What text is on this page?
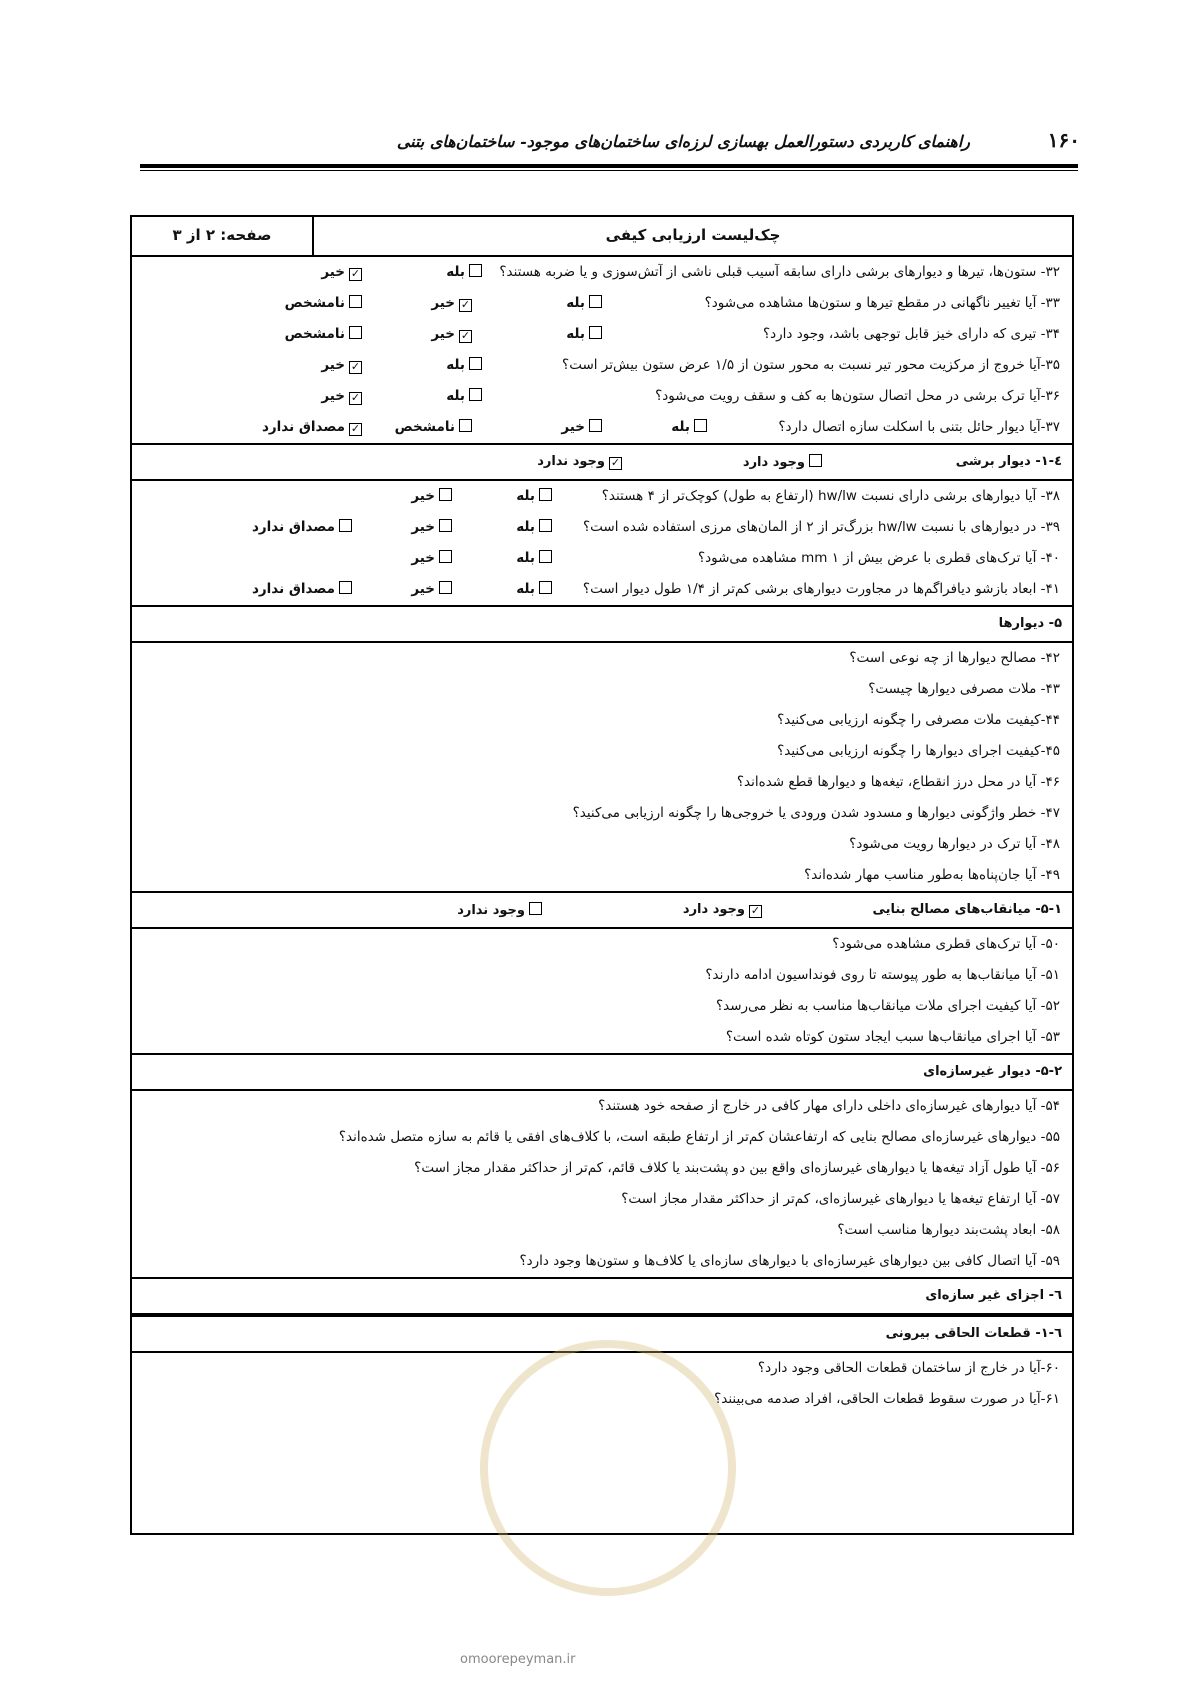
۱۶۰
راهنمای کاربردی دستورالعمل بهسازی لرزه‌ای ساختمان‌های موجود- ساختمان‌های بتنی
چک‌لیست ارزیابی کیفی
صفحه: ۲ از ۳
۳۲- ستون‌ها، تیرها و دیوارهای برشی دارای سابقه آسیب قبلی ناشی از آتش‌سوزی و یا ضربه هستند؟
بله
✓خیر
۳۳- آیا تغییر ناگهانی در مقطع تیرها و ستون‌ها مشاهده می‌شود؟
بله
✓خیر
نامشخص
۳۴- تیری که دارای خیز قابل توجهی باشد، وجود دارد؟
بله
✓خیر
نامشخص
۳۵-آیا خروج از مرکزیت محور تیر نسبت به محور ستون از ۱/۵ عرض ستون بیش‌تر است؟
بله
✓خیر
۳۶-آیا ترک برشی در محل اتصال ستون‌ها به کف و سقف رویت می‌شود؟
بله
✓خیر
۳۷-آیا دیوار حائل بتنی با اسکلت سازه اتصال دارد؟
بله
خیر
نامشخص
✓مصداق ندارد
٤-۱- دیوار برشی
وجود دارد
✓وجود ندارد
۳۸- آیا دیوارهای برشی دارای نسبت hw/lw (ارتفاع به طول) کوچک‌تر از ۴ هستند؟
بله
خیر
۳۹- در دیوارهای با نسبت hw/lw بزرگ‌تر از ۲ از المان‌های مرزی استفاده شده است؟
بله
خیر
مصداق ندارد
۴۰- آیا ترک‌های قطری با عرض بیش از ۱ mm مشاهده می‌شود؟
بله
خیر
۴۱- ابعاد بازشو دیافراگم‌ها در مجاورت دیوارهای برشی کم‌تر از ۱/۴ طول دیوار است؟
بله
خیر
مصداق ندارد
۵- دیوارها
۴۲- مصالح دیوارها از چه نوعی است؟
۴۳- ملات مصرفی دیوارها چیست؟
۴۴-کیفیت ملات مصرفی را چگونه ارزیابی می‌کنید؟
۴۵-کیفیت اجرای دیوارها را چگونه ارزیابی می‌کنید؟
۴۶- آیا در محل درز انقطاع، تیغه‌ها و دیوارها قطع شده‌اند؟
۴۷- خطر واژگونی دیوارها و مسدود شدن ورودی یا خروجی‌ها را چگونه ارزیابی می‌کنید؟
۴۸- آیا ترک در دیوارها رویت می‌شود؟
۴۹- آیا جان‌پناه‌ها به‌طور مناسب مهار شده‌اند؟
۵-۱- میانقاب‌های مصالح بنایی
✓وجود دارد
وجود ندارد
۵۰- آیا ترک‌های قطری مشاهده می‌شود؟
۵۱- آیا میانقاب‌ها به طور پیوسته تا روی فونداسیون ادامه دارند؟
۵۲- آیا کیفیت اجرای ملات میانقاب‌ها مناسب به نظر می‌رسد؟
۵۳- آیا اجرای میانقاب‌ها سبب ایجاد ستون کوتاه شده است؟
۵-۲- دیوار غیرسازه‌ای
۵۴- آیا دیوارهای غیرسازه‌ای داخلی دارای مهار کافی در خارج از صفحه خود هستند؟
۵۵- دیوارهای غیرسازه‌ای مصالح بنایی که ارتفاعشان کم‌تر از ارتفاع طبقه است، با کلاف‌های افقی یا قائم به سازه متصل شده‌اند؟
۵۶- آیا طول آزاد تیغه‌ها یا دیوارهای غیرسازه‌ای واقع بین دو پشت‌بند یا کلاف قائم، کم‌تر از حداکثر مقدار مجاز است؟
۵۷- آیا ارتفاع تیغه‌ها یا دیوارهای غیرسازه‌ای، کم‌تر از حداکثر مقدار مجاز است؟
۵۸- ابعاد پشت‌بند دیوارها مناسب است؟
۵۹- آیا اتصال کافی بین دیوارهای غیرسازه‌ای با دیوارهای سازه‌ای یا کلاف‌ها و ستون‌ها وجود دارد؟
٦- اجزای غیر سازه‌ای
٦-۱- قطعات الحاقی بیرونی
۶۰-آیا در خارج از ساختمان قطعات الحاقی وجود دارد؟
۶۱-آیا در صورت سقوط قطعات الحاقی، افراد صدمه می‌بینند؟
omoorepeyman.ir
